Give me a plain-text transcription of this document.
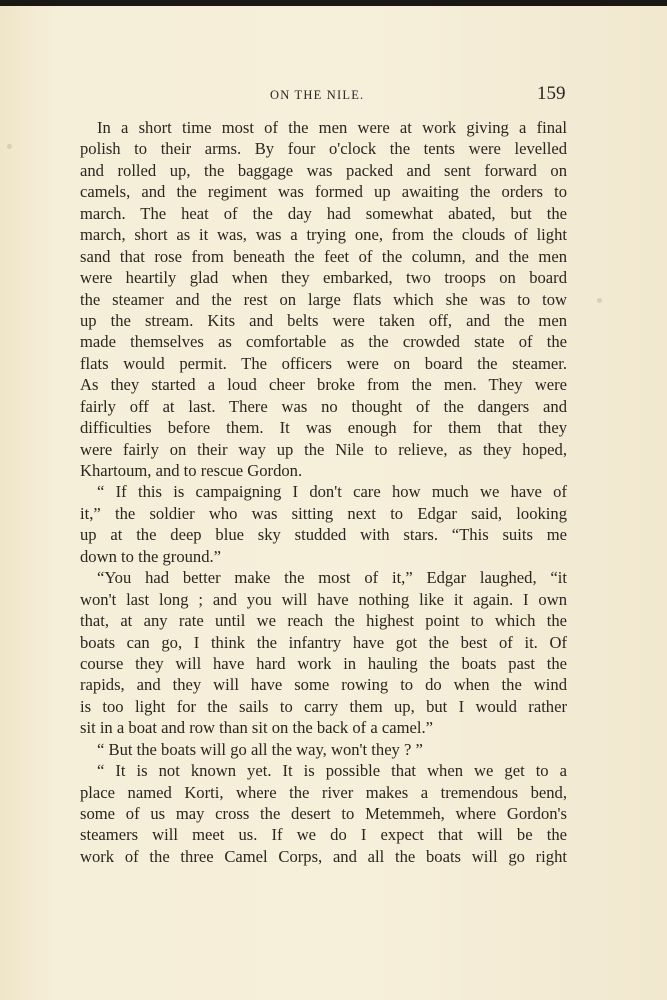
ON THE NILE.	159
In a short time most of the men were at work giving a final
polish to their arms. By four o'clock the tents were levelled
and rolled up, the baggage was packed and sent forward on
camels, and the regiment was formed up awaiting the orders to
march. The heat of the day had somewhat abated, but the
march, short as it was, was a trying one, from the clouds of light
sand that rose from beneath the feet of the column, and the men
were heartily glad when they embarked, two troops on board
the steamer and the rest on large flats which she was to tow
up the stream. Kits and belts were taken off, and the men
made themselves as comfortable as the crowded state of the
flats would permit. The officers were on board the steamer.
As they started a loud cheer broke from the men. They were
fairly off at last. There was no thought of the dangers and
difficulties before them. It was enough for them that they
were fairly on their way up the Nile to relieve, as they hoped,
Khartoum, and to rescue Gordon.
“ If this is campaigning I don't care how much we have of
it,” the soldier who was sitting next to Edgar said, looking
up at the deep blue sky studded with stars. “This suits me
down to the ground.”
“You had better make the most of it,” Edgar laughed, “it
won't last long ; and you will have nothing like it again. I own
that, at any rate until we reach the highest point to which the
boats can go, I think the infantry have got the best of it. Of
course they will have hard work in hauling the boats past the
rapids, and they will have some rowing to do when the wind
is too light for the sails to carry them up, but I would rather
sit in a boat and row than sit on the back of a camel.”
“ But the boats will go all the way, won't they ? ”
“ It is not known yet. It is possible that when we get to a
place named Korti, where the river makes a tremendous bend,
some of us may cross the desert to Metemmeh, where Gordon's
steamers will meet us. If we do I expect that will be the
work of the three Camel Corps, and all the boats will go right
